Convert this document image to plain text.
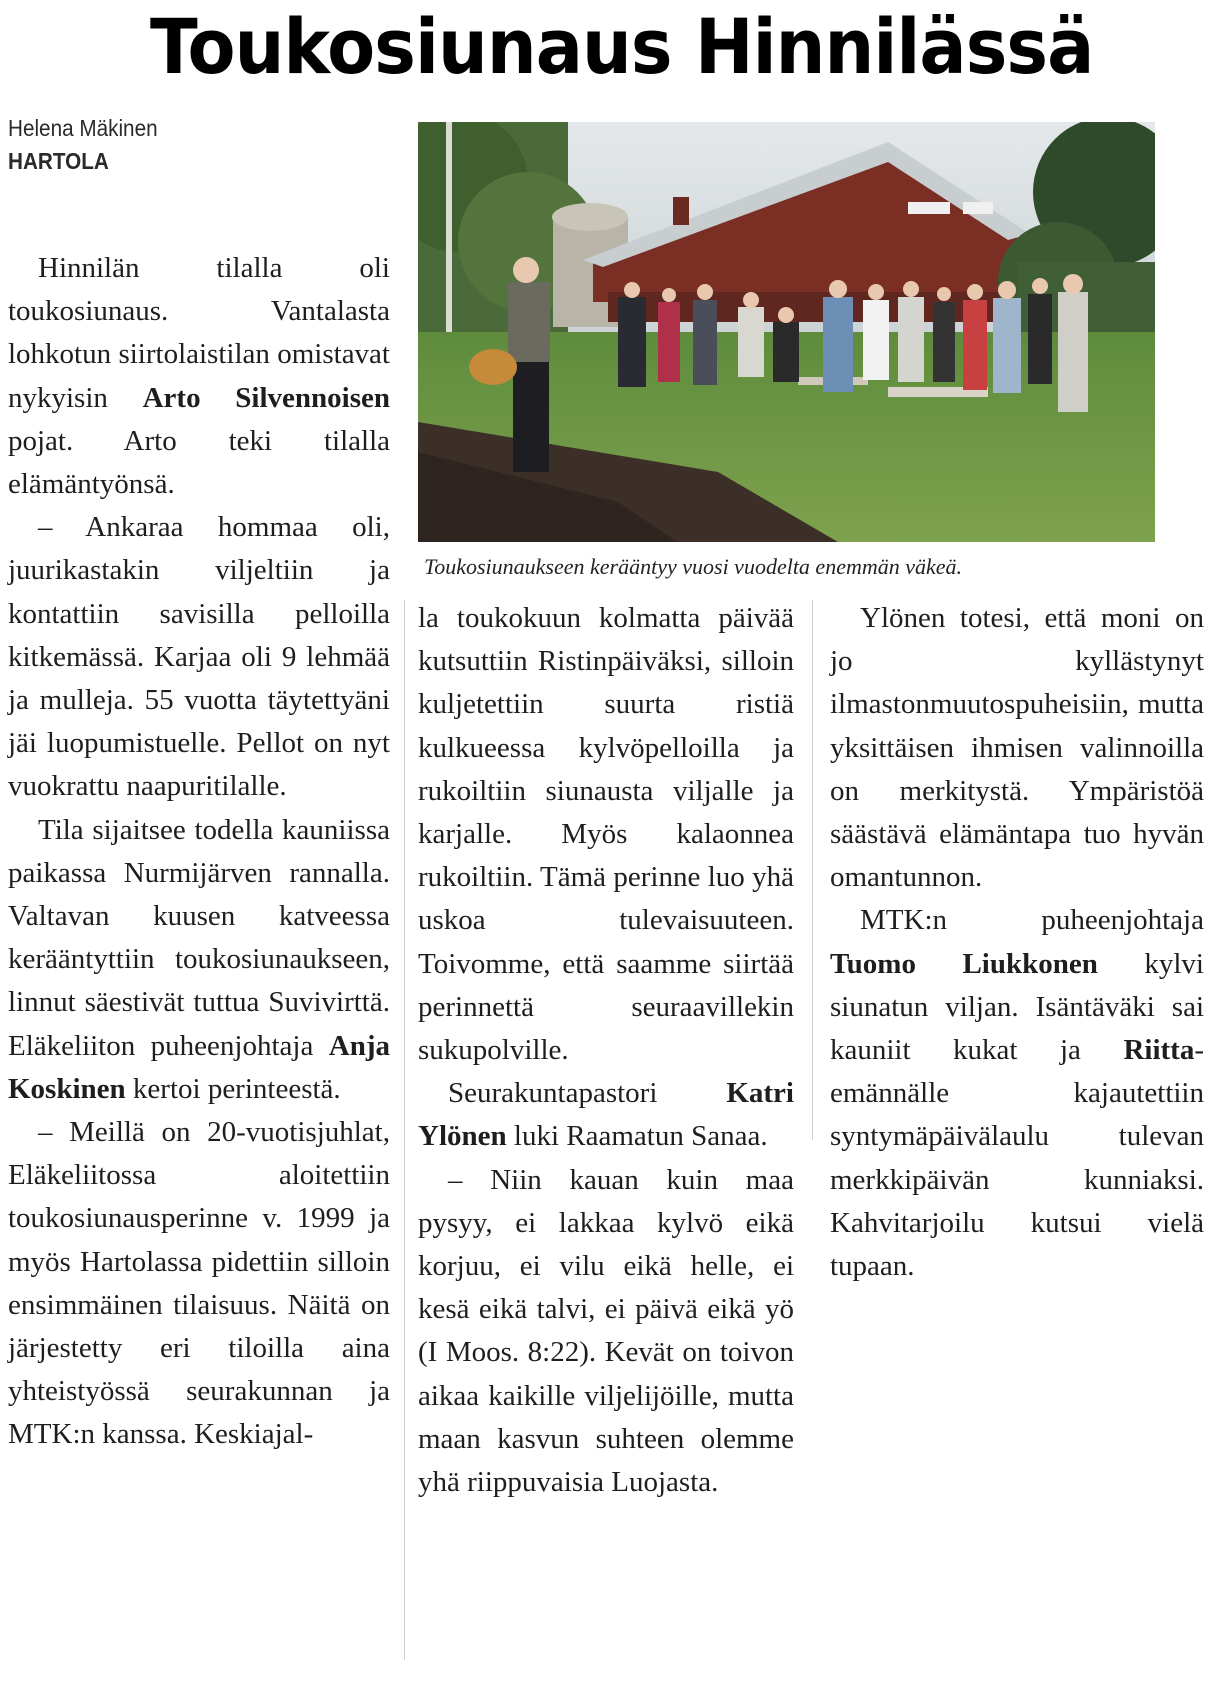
Toukosiunaus Hinnilässä
Helena Mäkinen
HARTOLA
Toukosiunaukseen kerääntyy vuosi vuodelta enemmän väkeä.

Hinnilän tilalla oli toukosiunaus. Vantalasta lohkotun siirtolaistilan omistavat nykyisin Arto Silvennoisen pojat. Arto teki tilalla elämäntyönsä.

– Ankaraa hommaa oli, juurikastakin viljeltiin ja kontattiin savisilla pelloilla kitkemässä. Karjaa oli 9 lehmää ja mulleja. 55 vuotta täytettyäni jäi luopumistuelle. Pellot on nyt vuokrattu naapuritilalle.

Tila sijaitsee todella kauniissa paikassa Nurmijärven rannalla. Valtavan kuusen katveessa kerääntyttiin toukosiunaukseen, linnut säestivät tuttua Suvivirttä. Eläkeliiton puheenjohtaja Anja Koskinen kertoi perinteestä.

– Meillä on 20-vuotisjuhlat, Eläkeliitossa aloitettiin toukosiunausperinne v. 1999 ja myös Hartolassa pidettiin silloin ensimmäinen tilaisuus. Näitä on järjestetty eri tiloilla aina yhteistyössä seurakunnan ja MTK:n kanssa. Keskiajal-

la toukokuun kolmatta päivää kutsuttiin Ristinpäiväksi, silloin kuljetettiin suurta ristiä kulkueessa kylvöpelloilla ja rukoiltiin siunausta viljalle ja karjalle. Myös kalaonnea rukoiltiin. Tämä perinne luo yhä uskoa tulevaisuuteen. Toivomme, että saamme siirtää perinnettä seuraavillekin sukupolville.

Seurakuntapastori Katri Ylönen luki Raamatun Sanaa.

– Niin kauan kuin maa pysyy, ei lakkaa kylvö eikä korjuu, ei vilu eikä helle, ei kesä eikä talvi, ei päivä eikä yö (I Moos. 8:22). Kevät on toivon aikaa kaikille viljelijöille, mutta maan kasvun suhteen olemme yhä riippuvaisia Luojasta.

Ylönen totesi, että moni on jo kyllästynyt ilmastonmuutospuheisiin, mutta yksittäisen ihmisen valinnoilla on merkitystä. Ympäristöä säästävä elämäntapa tuo hyvän omantunnon.

MTK:n puheenjohtaja Tuomo Liukkonen kylvi siunatun viljan. Isäntäväki sai kauniit kukat ja Riitta-emännälle kajautettiin syntymäpäivälaulu tulevan merkkipäivän kunniaksi. Kahvitarjoilu kutsui vielä tupaan.
